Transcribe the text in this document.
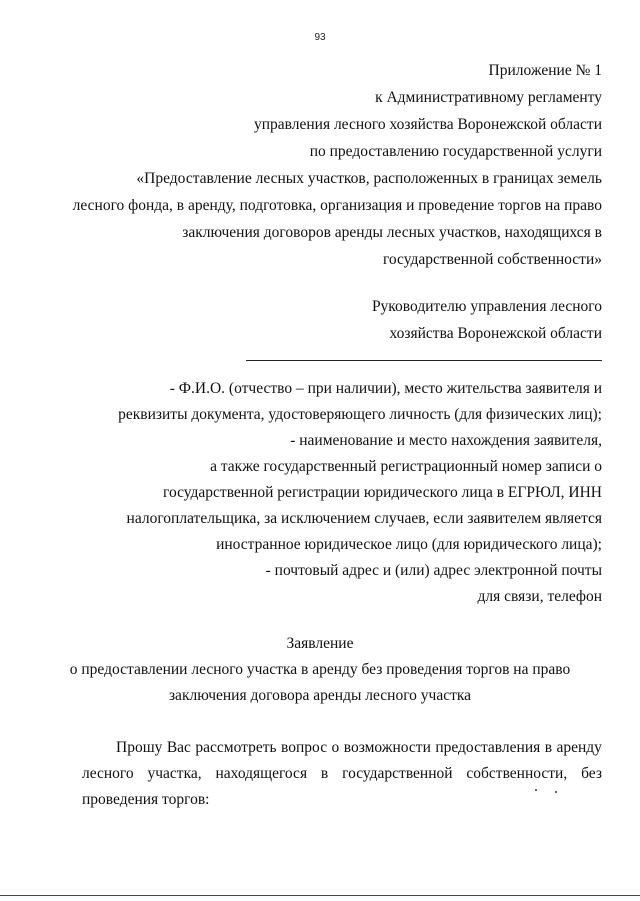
93
Приложение № 1
к Административному регламенту
управления лесного хозяйства Воронежской области
по предоставлению государственной услуги
«Предоставление лесных участков, расположенных в границах земель
лесного фонда, в аренду, подготовка, организация и проведение торгов на право
заключения договоров аренды лесных участков, находящихся в
государственной собственности»
Руководителю управления лесного
хозяйства Воронежской области
- Ф.И.О. (отчество – при наличии), место жительства заявителя и
реквизиты документа, удостоверяющего личность (для физических лиц);
- наименование и место нахождения заявителя,
а также государственный регистрационный номер записи о
государственной регистрации юридического лица в ЕГРЮЛ, ИНН
налогоплательщика, за исключением случаев, если заявителем является
иностранное юридическое лицо (для юридического лица);
- почтовый адрес и (или) адрес электронной почты
для связи, телефон
Заявление
о предоставлении лесного участка в аренду без проведения торгов на право
заключения договора аренды лесного участка
Прошу Вас рассмотреть вопрос о возможности предоставления в аренду
лесного участка, находящегося в государственной собственности, без
проведения торгов:
